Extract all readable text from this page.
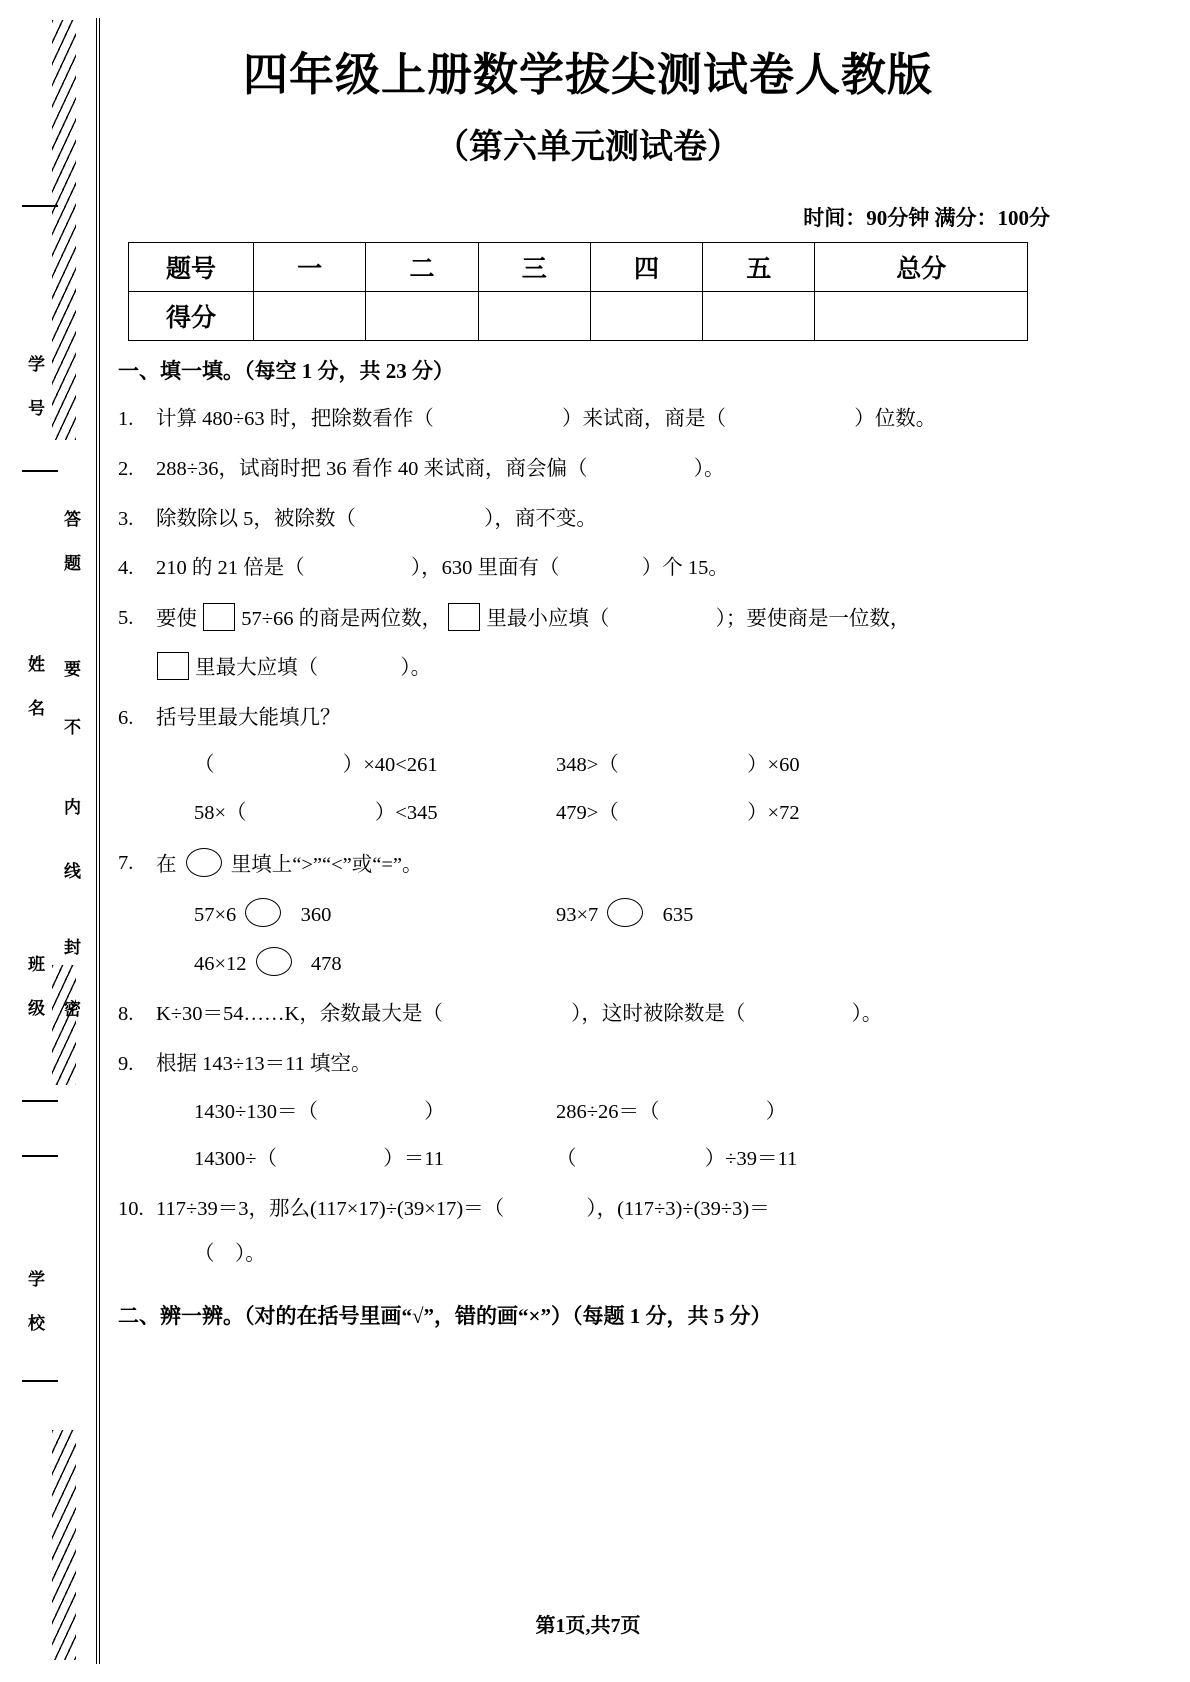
学 号
姓 名
班 级
学 校
答 题
要
不
内
线
封
密
四年级上册数学拔尖测试卷人教版
（第六单元测试卷）
时间：90分钟 满分：100分
题号	一	二	三	四	五	总分
得分						
一、填一填。（每空 1 分，共 23 分）
1.	计算 480÷63 时，把除数看作（	）来试商，商是（	）位数。
2.	288÷36，试商时把 36 看作 40 来试商，商会偏（	）。
3.	除数除以 5，被除数（	），商不变。
4.	210 的 21 倍是（	），630 里面有（	）个 15。
5.	要使 57÷66 的商是两位数， 里最小应填（	）；要使商是一位数，
里最大应填（	）。
6.	括号里最大能填几？
（	）×40<261	348>（	）×60
58×（	）<345	479>（	）×72
7.	在	里填上“>”“<”或“=”。
57×6	360	93×7	635
46×12	478
8.	K÷30＝54……K，余数最大是（	），这时被除数是（	）。
9.	根据 143÷13＝11 填空。
1430÷130＝（	）	286÷26＝（	）
14300÷（	）＝11	（	）÷39＝11
10. 117÷39＝3，那么(117×17)÷(39×17)＝（	），(117÷3)÷(39÷3)＝
（　）。
二、辨一辨。（对的在括号里画“√”，错的画“×”）（每题 1 分，共 5 分）
第1页,共7页
